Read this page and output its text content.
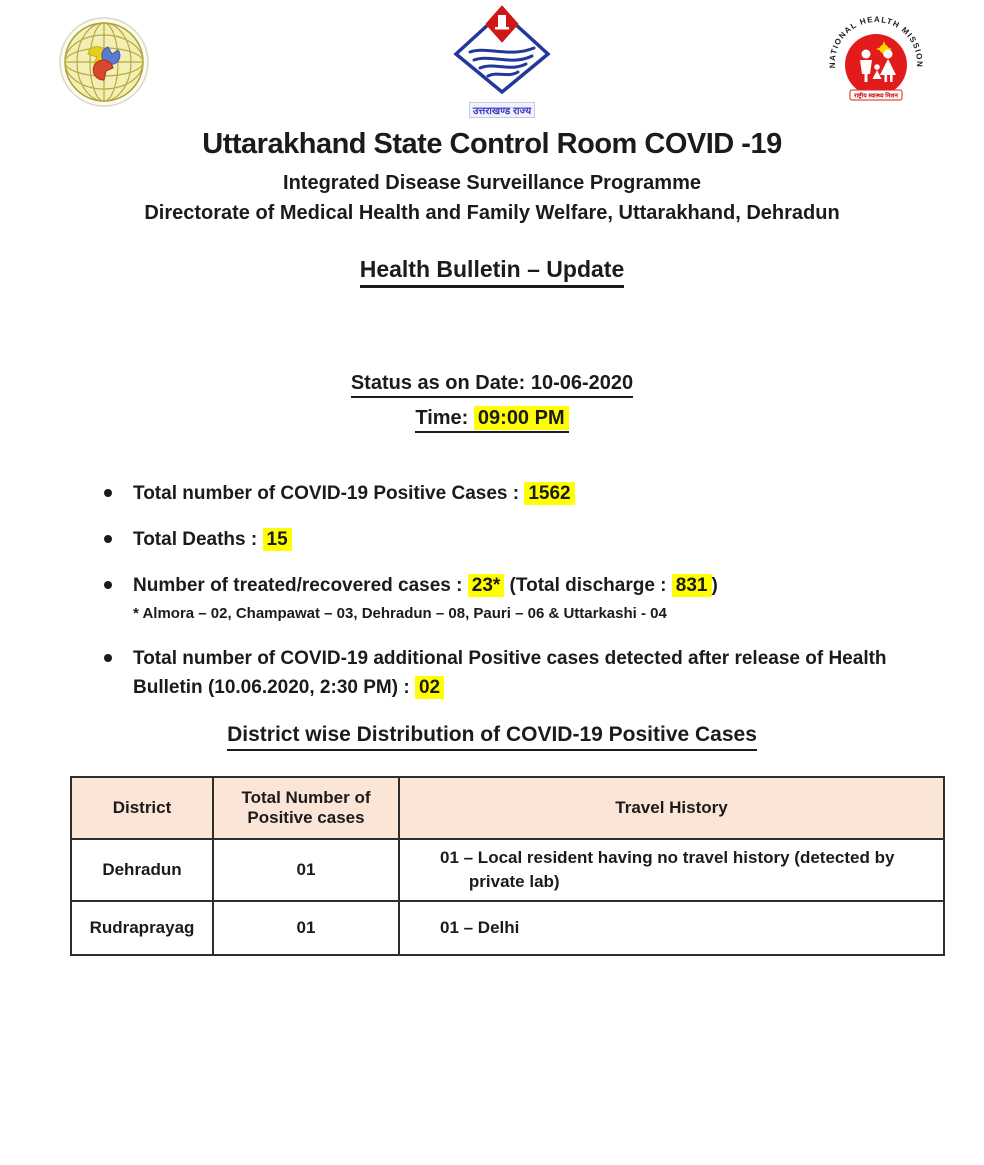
उत्तराखण्ड राज्य
NATIONAL HEALTH MISSION
राष्ट्रीय स्वास्थ्य मिशन
Uttarakhand State Control Room COVID -19
Integrated Disease Surveillance Programme
Directorate of Medical Health and Family Welfare, Uttarakhand, Dehradun
Health Bulletin – Update
Status as on Date: 10-06-2020
Time: 09:00 PM
Total number of COVID-19 Positive Cases : 1562
Total Deaths : 15
Number of treated/recovered cases : 23* (Total discharge : 831 )
* Almora – 02, Champawat – 03, Dehradun – 08, Pauri – 06 & Uttarkashi - 04
Total number of COVID-19 additional Positive cases detected after release of Health Bulletin (10.06.2020, 2:30 PM) : 02
District wise Distribution of COVID-19 Positive Cases
District	Total Number of Positive cases	Travel History
Dehradun	01	01 – Local resident having no travel history (detected by private lab)

Rudraprayag	01	01 – Delhi
